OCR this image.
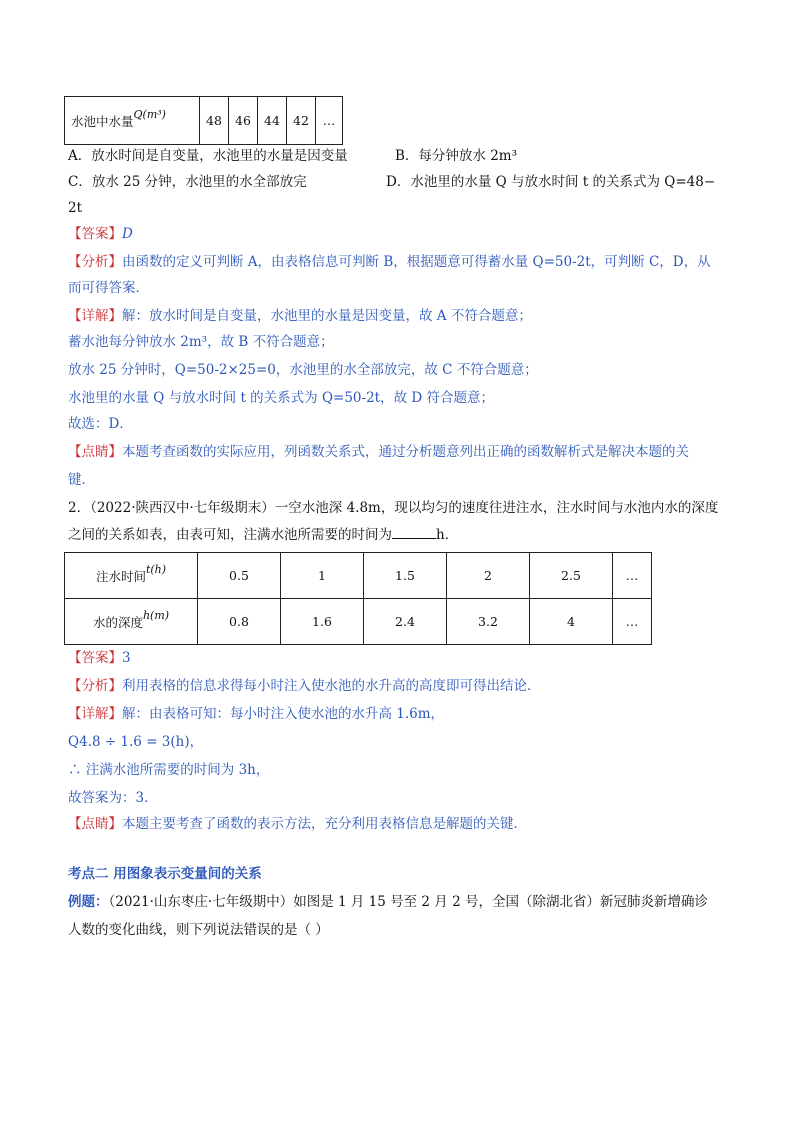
水池中水量Q(m³)	48	46	44	42	…
A．放水时间是自变量，水池里的水量是因变量	B．每分钟放水 2m³
C．放水 25 分钟，水池里的水全部放完	D．水池里的水量 Q 与放水时间 t 的关系式为 Q=48−
2t
【答案】D
【分析】由函数的定义可判断 A，由表格信息可判断 B，根据题意可得蓄水量 Q=50-2t，可判断 C，D，从
而可得答案．
【详解】解：放水时间是自变量，水池里的水量是因变量，故 A 不符合题意；
蓄水池每分钟放水 2m³，故 B 不符合题意；
放水 25 分钟时，Q=50-2×25=0，水池里的水全部放完，故 C 不符合题意；
水池里的水量 Q 与放水时间 t 的关系式为 Q=50-2t，故 D 符合题意；
故选：D．
【点睛】本题考查函数的实际应用，列函数关系式，通过分析题意列出正确的函数解析式是解决本题的关
键．
2．（2022·陕西汉中·七年级期末）一空水池深 4.8m，现以均匀的速度往进注水，注水时间与水池内水的深度
之间的关系如表，由表可知，注满水池所需要的时间为	h．
注水时间t(h)	0.5	1	1.5	2	2.5	…
水的深度h(m)	0.8	1.6	2.4	3.2	4	…
【答案】3
【分析】利用表格的信息求得每小时注入使水池的水升高的高度即可得出结论．
【详解】解：由表格可知：每小时注入使水池的水升高 1.6m，
Q4.8 ÷ 1.6 = 3(h)，
∴ 注满水池所需要的时间为 3h，
故答案为：3．
【点睛】本题主要考查了函数的表示方法，充分利用表格信息是解题的关键．
考点二 用图象表示变量间的关系
例题：（2021·山东枣庄·七年级期中）如图是 1 月 15 号至 2 月 2 号，全国（除湖北省）新冠肺炎新增确诊
人数的变化曲线，则下列说法错误的是（ ）
